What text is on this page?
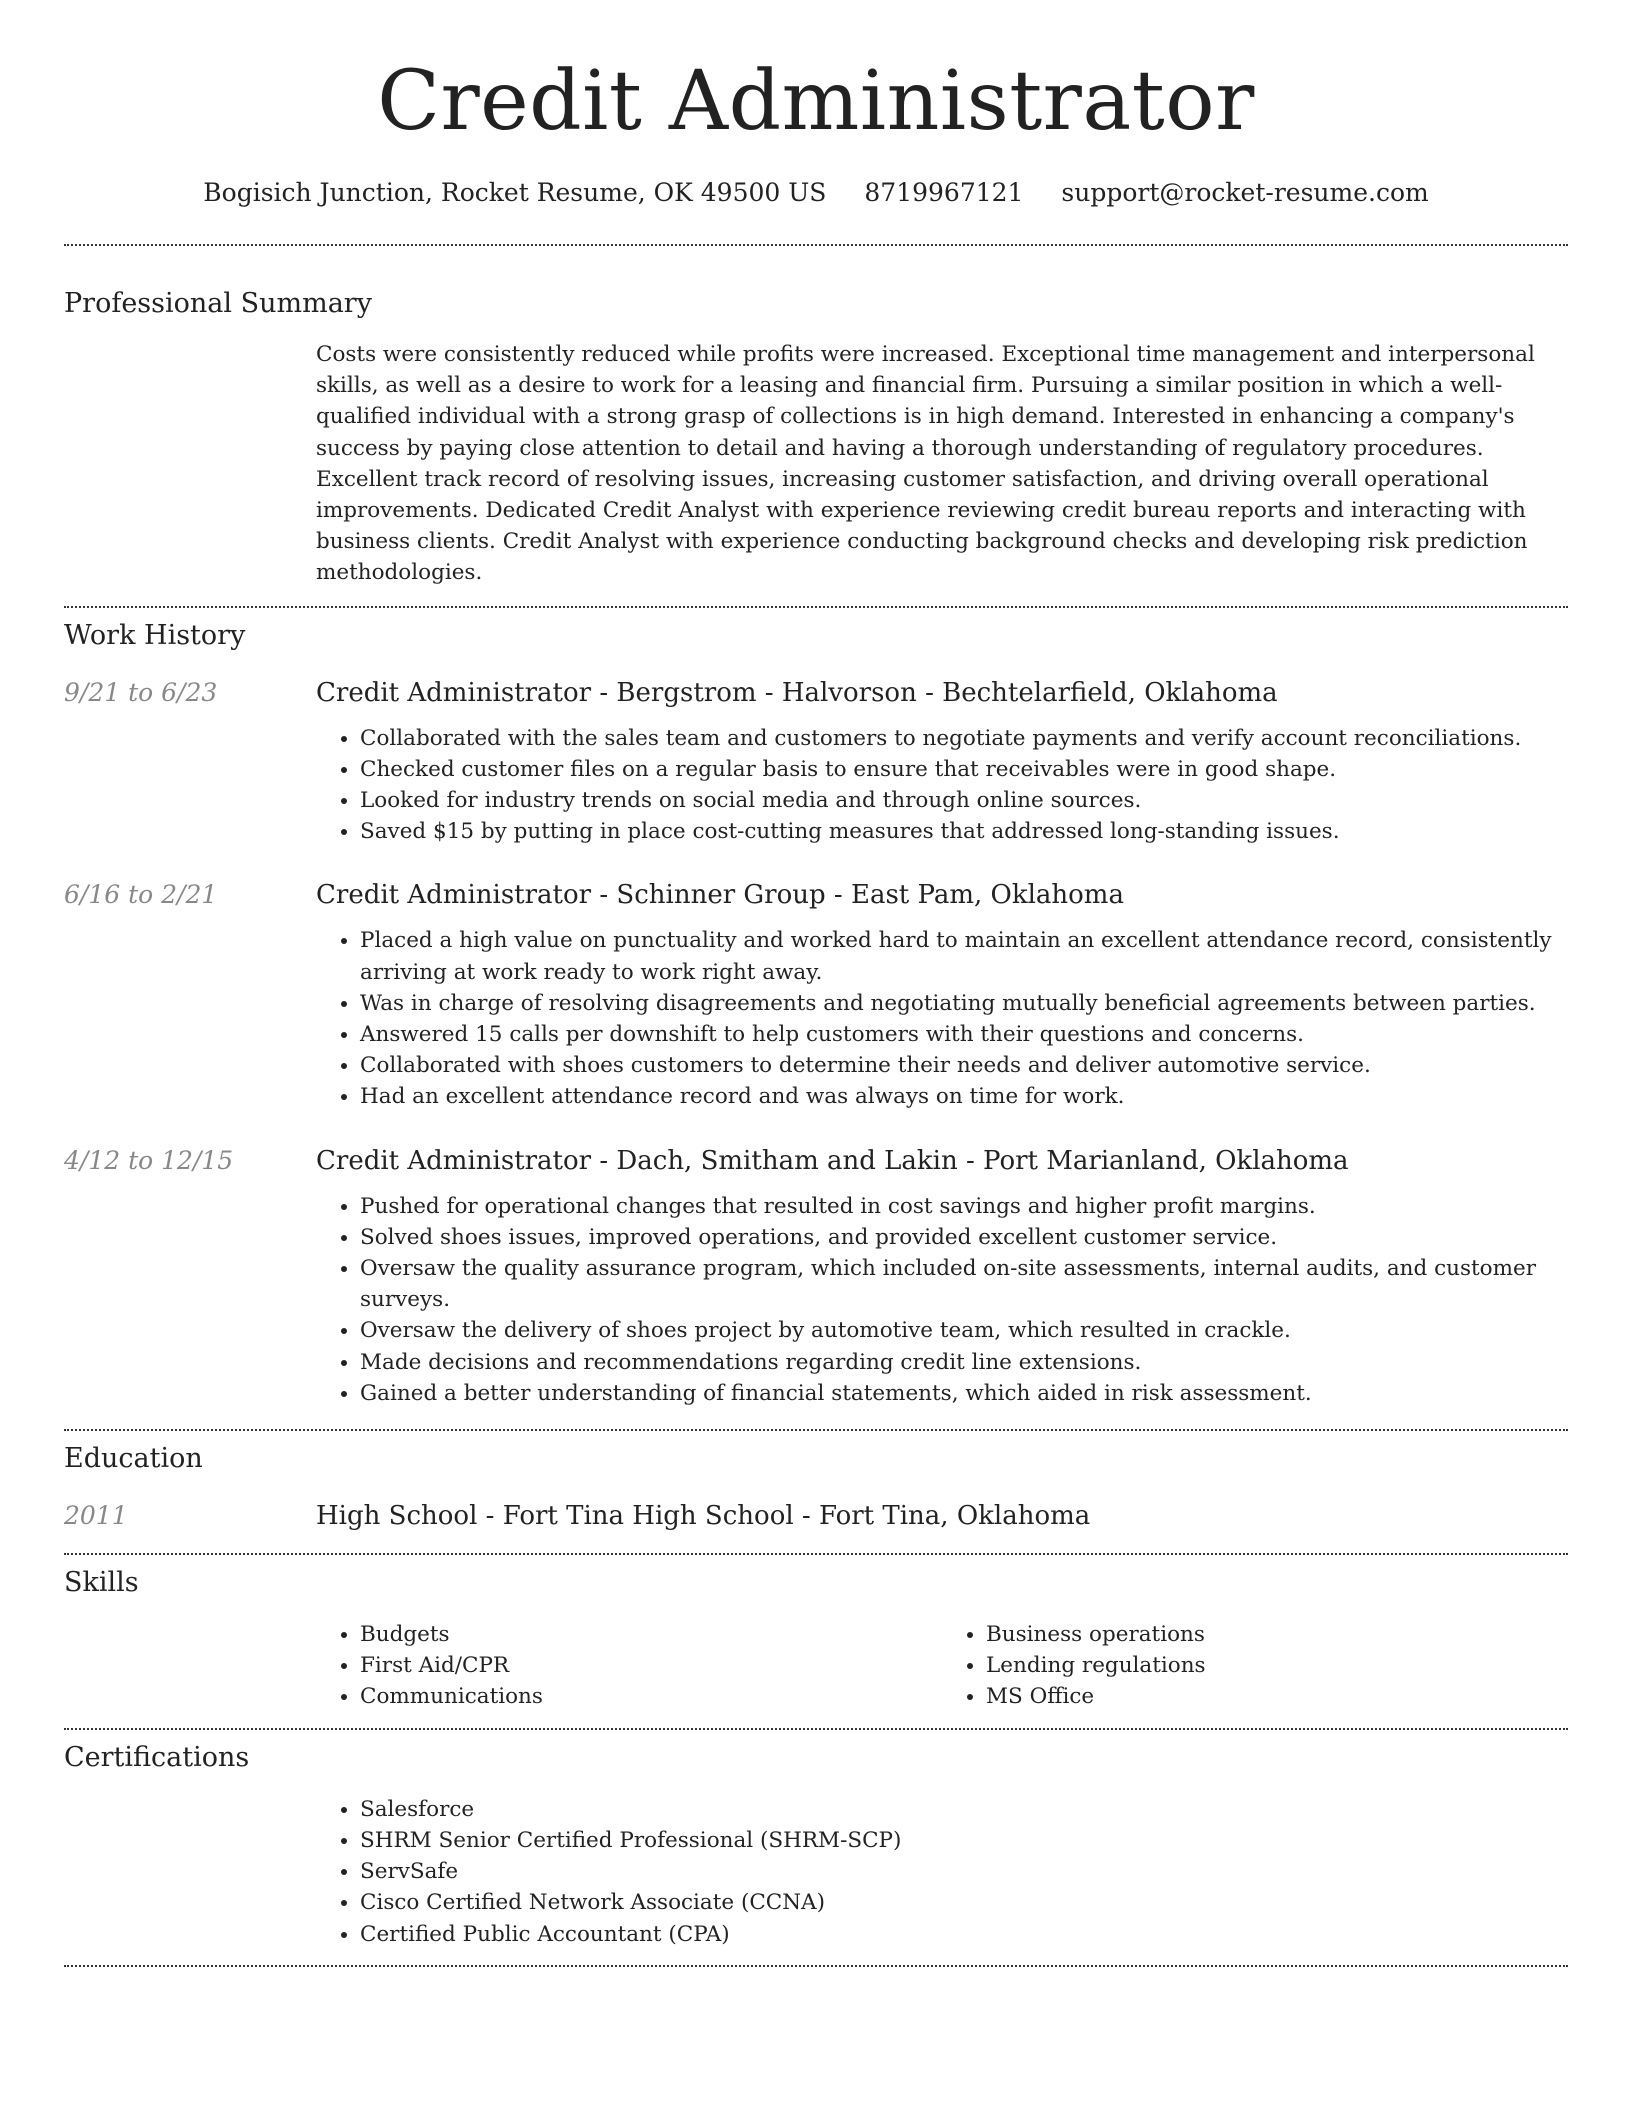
Credit Administrator
Bogisich Junction, Rocket Resume, OK 49500 US 8719967121 support@rocket-resume.com
Professional Summary

Costs were consistently reduced while profits were increased. Exceptional time management and interpersonal skills, as well as a desire to work for a leasing and financial firm. Pursuing a similar position in which a well-qualified individual with a strong grasp of collections is in high demand. Interested in enhancing a company's success by paying close attention to detail and having a thorough understanding of regulatory procedures. Excellent track record of resolving issues, increasing customer satisfaction, and driving overall operational improvements. Dedicated Credit Analyst with experience reviewing credit bureau reports and interacting with business clients. Credit Analyst with experience conducting background checks and developing risk prediction methodologies.

Work History
9/21 to 6/23	Credit Administrator - Bergstrom - Halvorson - Bechtelarfield, Oklahoma
• Collaborated with the sales team and customers to negotiate payments and verify account reconciliations.
• Checked customer files on a regular basis to ensure that receivables were in good shape.
• Looked for industry trends on social media and through online sources.
• Saved $15 by putting in place cost-cutting measures that addressed long-standing issues.
6/16 to 2/21	Credit Administrator - Schinner Group - East Pam, Oklahoma
• Placed a high value on punctuality and worked hard to maintain an excellent attendance record, consistently arriving at work ready to work right away.
• Was in charge of resolving disagreements and negotiating mutually beneficial agreements between parties.
• Answered 15 calls per downshift to help customers with their questions and concerns.
• Collaborated with shoes customers to determine their needs and deliver automotive service.
• Had an excellent attendance record and was always on time for work.
4/12 to 12/15	Credit Administrator - Dach, Smitham and Lakin - Port Marianland, Oklahoma
• Pushed for operational changes that resulted in cost savings and higher profit margins.
• Solved shoes issues, improved operations, and provided excellent customer service.
• Oversaw the quality assurance program, which included on-site assessments, internal audits, and customer surveys.
• Oversaw the delivery of shoes project by automotive team, which resulted in crackle.
• Made decisions and recommendations regarding credit line extensions.
• Gained a better understanding of financial statements, which aided in risk assessment.
Education
2011	High School - Fort Tina High School - Fort Tina, Oklahoma
Skills
• Budgets
• First Aid/CPR
• Communications
• Business operations
• Lending regulations
• MS Office
Certifications
• Salesforce
• SHRM Senior Certified Professional (SHRM-SCP)
• ServSafe
• Cisco Certified Network Associate (CCNA)
• Certified Public Accountant (CPA)
